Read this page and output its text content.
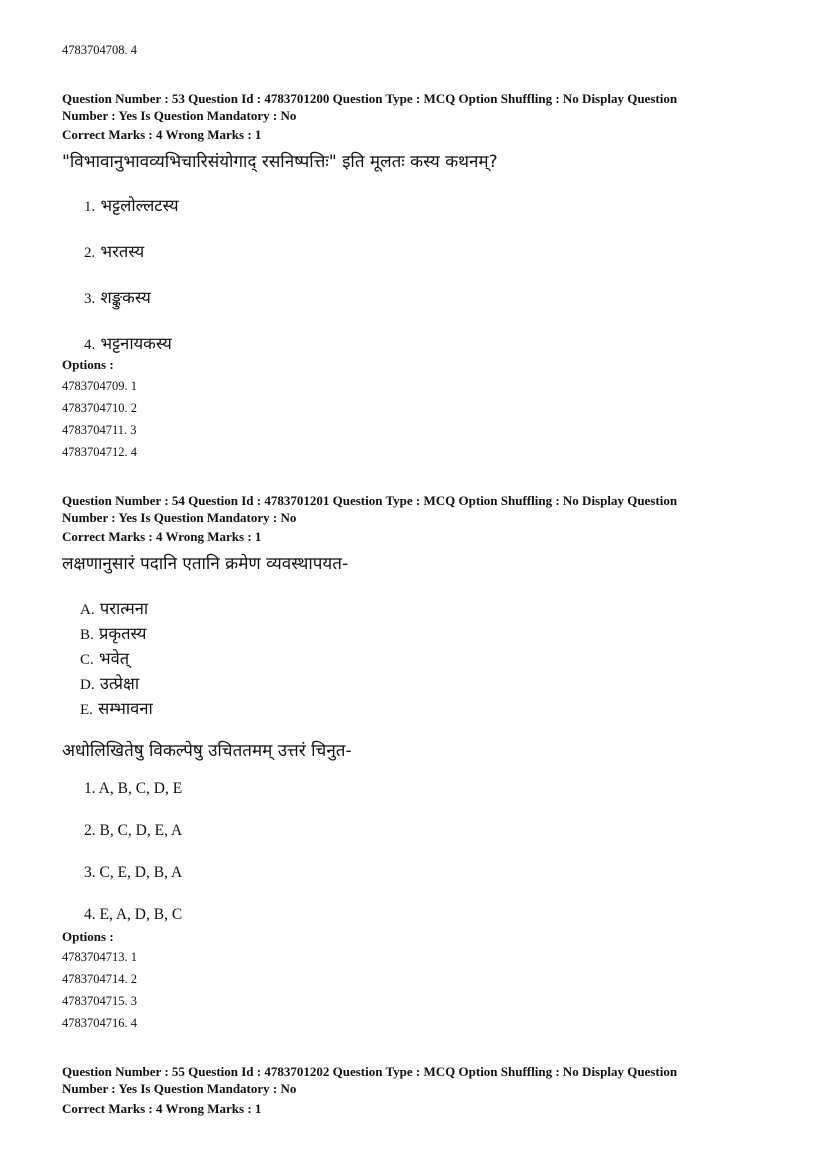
4783704708. 4
Question Number : 53 Question Id : 4783701200 Question Type : MCQ Option Shuffling : No Display Question
Number : Yes Is Question Mandatory : No
Correct Marks : 4 Wrong Marks : 1
"विभावानुभावव्यभिचारिसंयोगाद् रसनिष्पत्तिः" इति मूलतः कस्य कथनम्?
1. भट्टलोल्लटस्य
2. भरतस्य
3. शङ्कुकस्य
4. भट्टनायकस्य
Options :
4783704709. 1
4783704710. 2
4783704711. 3
4783704712. 4
Question Number : 54 Question Id : 4783701201 Question Type : MCQ Option Shuffling : No Display Question
Number : Yes Is Question Mandatory : No
Correct Marks : 4 Wrong Marks : 1
लक्षणानुसारं पदानि एतानि क्रमेण व्यवस्थापयत-
A. परात्मना
B. प्रकृतस्य
C. भवेत्
D. उत्प्रेक्षा
E. सम्भावना
अधोलिखितेषु विकल्पेषु उचिततमम् उत्तरं चिनुत-
1. A, B, C, D, E
2. B, C, D, E, A
3. C, E, D, B, A
4. E, A, D, B, C
Options :
4783704713. 1
4783704714. 2
4783704715. 3
4783704716. 4
Question Number : 55 Question Id : 4783701202 Question Type : MCQ Option Shuffling : No Display Question
Number : Yes Is Question Mandatory : No
Correct Marks : 4 Wrong Marks : 1
